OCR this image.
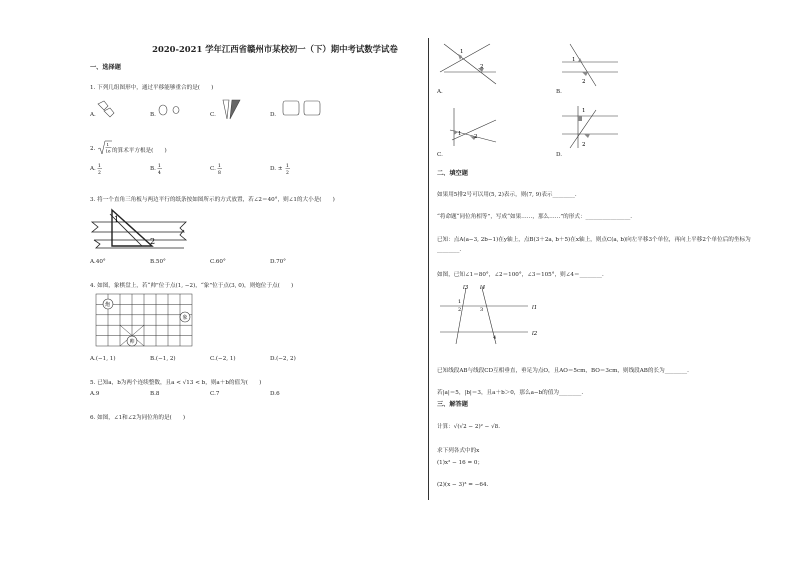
2020-2021 学年江西省赣州市某校初一（下）期中考试数学试卷
一、选择题
1. 下列几组图形中，通过平移能够重合的是(　　)
A.	B.	C.	D.
2.
1
16 的算术平方根是(　　)
A. 1
2
B. 1
4
C. 1
8
D. ± 1
2
3. 将一个直角三角板与两边平行的纸条按如图所示的方式放置，若∠2＝40°，则∠1的大小是(　　)
1
2
A.40°	B.50°	C.60°	D.70°
4. 如图，象棋盘上，若“帅”位于点(1, −2)，“象”位于点(3, 0)，则炮位于点(　　)
炮
象
帅
A.(−1, 1)	B.(−1, 2)	C.(−2, 1)	D.(−2, 2)
5. 已知a，b为两个连续整数，且a < √13 < b，则a＋b的值为(　　)
A.9	B.8	C.7	D.6
6. 如图，∠1和∠2为同位角的是(　　)
1
2
A.
1
2
B.
1 2
C.
1
2
D.
二、填空题
如果用5排2号可以用(5, 2)表示，则(7, 9)表示________.
“将命题“同位角相等”，写成“如果……，那么……”的形式：________________.
已知：点A(a−3, 2b−1)在y轴上，点B(3＋2a, b＋5)在x轴上，则点C(a, b)向左平移3个单位，再向上平移2个单位后的坐标为________.
如图，已知∠1＝80°，∠2＝100°，∠3＝105°，则∠4＝________.
l3 l4
l1
l2
1
2	3
4
已知线段AB与线段CD互相垂直，垂足为点O，且AO＝5cm，BO＝3cm，则线段AB的长为________.
若|a|＝5，|b|＝3，且a＋b＞0，那么a−b的值为________.
三、解答题
计算：√(√2 − 2)² − √8.
求下列各式中的x
(1)x² − 16 = 0；
(2)(x − 3)³ = −64.
